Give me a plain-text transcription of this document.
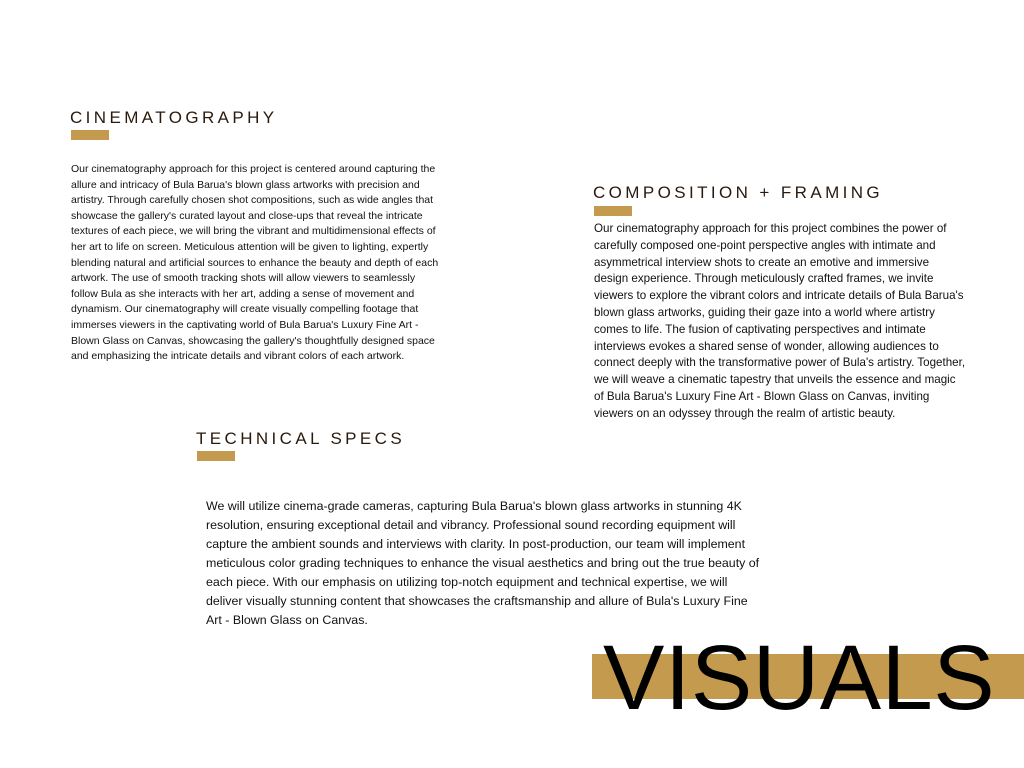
CINEMATOGRAPHY

Our cinematography approach for this project is centered around capturing the allure and intricacy of Bula Barua's blown glass artworks with precision and artistry. Through carefully chosen shot compositions, such as wide angles that showcase the gallery's curated layout and close-ups that reveal the intricate textures of each piece, we will bring the vibrant and multidimensional effects of her art to life on screen. Meticulous attention will be given to lighting, expertly blending natural and artificial sources to enhance the beauty and depth of each artwork. The use of smooth tracking shots will allow viewers to seamlessly follow Bula as she interacts with her art, adding a sense of movement and dynamism. Our cinematography will create visually compelling footage that immerses viewers in the captivating world of Bula Barua's Luxury Fine Art - Blown Glass on Canvas, showcasing the gallery's thoughtfully designed space and emphasizing the intricate details and vibrant colors of each artwork.

COMPOSITION + FRAMING

Our cinematography approach for this project combines the power of carefully composed one-point perspective angles with intimate and asymmetrical interview shots to create an emotive and immersive design experience. Through meticulously crafted frames, we invite viewers to explore the vibrant colors and intricate details of Bula Barua's blown glass artworks, guiding their gaze into a world where artistry comes to life. The fusion of captivating perspectives and intimate interviews evokes a shared sense of wonder, allowing audiences to connect deeply with the transformative power of Bula's artistry. Together, we will weave a cinematic tapestry that unveils the essence and magic of Bula Barua's Luxury Fine Art - Blown Glass on Canvas, inviting viewers on an odyssey through the realm of artistic beauty.

TECHNICAL SPECS

We will utilize cinema-grade cameras, capturing Bula Barua's blown glass artworks in stunning 4K resolution, ensuring exceptional detail and vibrancy. Professional sound recording equipment will capture the ambient sounds and interviews with clarity. In post-production, our team will implement meticulous color grading techniques to enhance the visual aesthetics and bring out the true beauty of each piece. With our emphasis on utilizing top-notch equipment and technical expertise, we will deliver visually stunning content that showcases the craftsmanship and allure of Bula's Luxury Fine Art - Blown Glass on Canvas.

VISUALS
